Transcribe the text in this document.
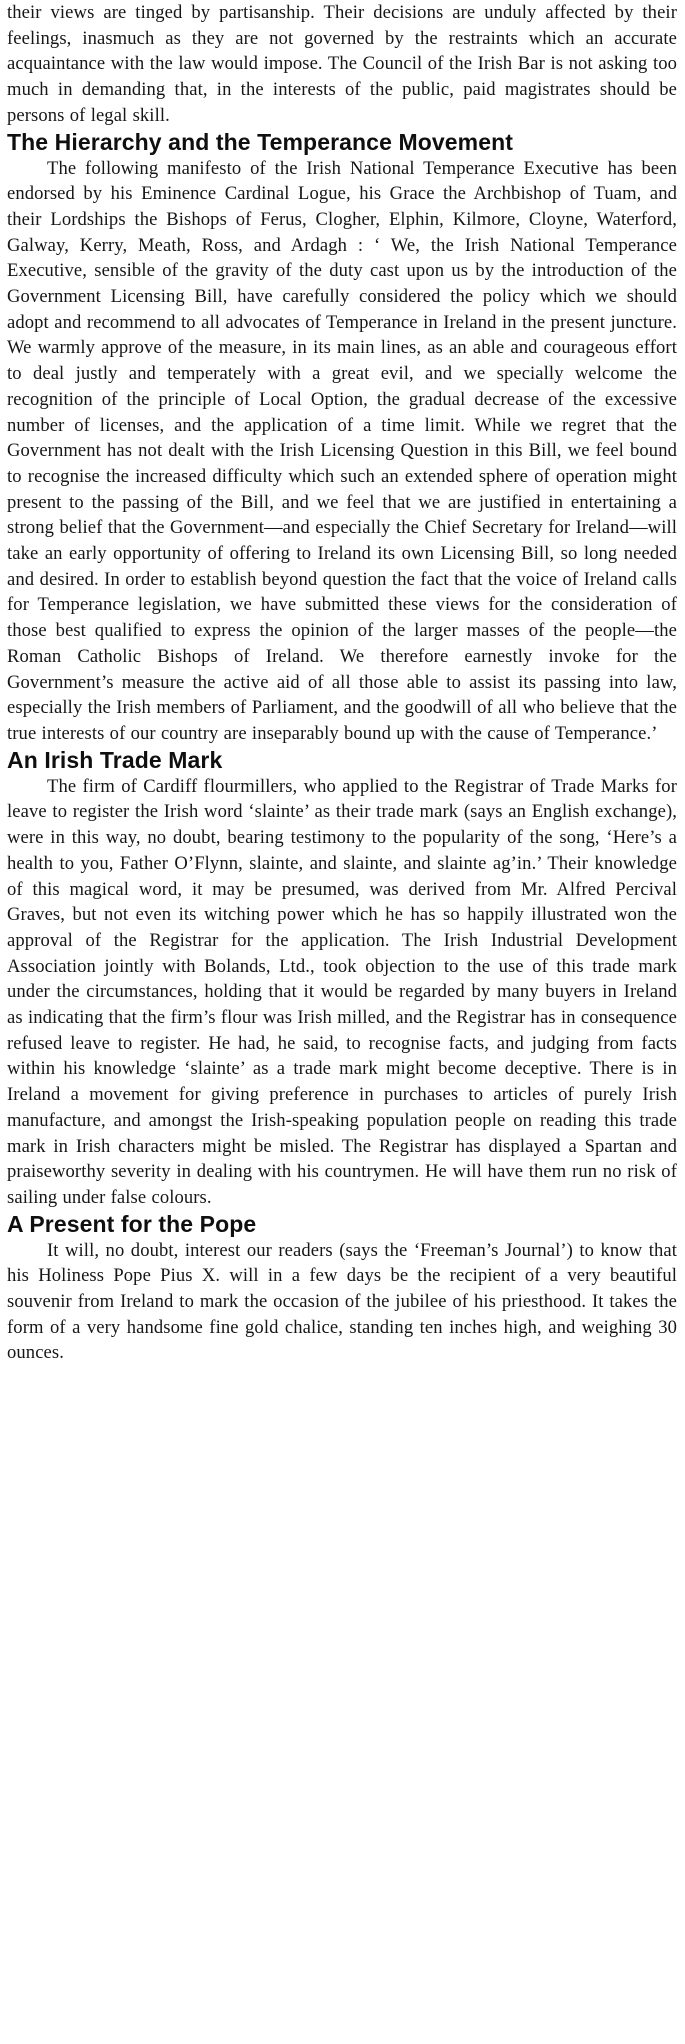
their views are tinged by partisanship. Their decisions are unduly affected by their feelings, inasmuch as they are not governed by the restraints which an accurate acquaintance with the law would impose. The Council of the Irish Bar is not asking too much in demanding that, in the interests of the public, paid magistrates should be persons of legal skill.

The Hierarchy and the Temperance Movement

The following manifesto of the Irish National Temperance Executive has been endorsed by his Eminence Cardinal Logue, his Grace the Archbishop of Tuam, and their Lordships the Bishops of Ferus, Clogher, Elphin, Kilmore, Cloyne, Waterford, Galway, Kerry, Meath, Ross, and Ardagh : ‘ We, the Irish National Temperance Executive, sensible of the gravity of the duty cast upon us by the introduction of the Government Licensing Bill, have carefully considered the policy which we should adopt and recommend to all advocates of Temperance in Ireland in the present juncture. We warmly approve of the measure, in its main lines, as an able and courageous effort to deal justly and temperately with a great evil, and we specially welcome the recognition of the principle of Local Option, the gradual decrease of the excessive number of licenses, and the application of a time limit. While we regret that the Government has not dealt with the Irish Licensing Question in this Bill, we feel bound to recognise the increased difficulty which such an extended sphere of operation might present to the passing of the Bill, and we feel that we are justified in entertaining a strong belief that the Government—and especially the Chief Secretary for Ireland—will take an early opportunity of offering to Ireland its own Licensing Bill, so long needed and desired. In order to establish beyond question the fact that the voice of Ireland calls for Temperance legislation, we have submitted these views for the consideration of those best qualified to express the opinion of the larger masses of the people—the Roman Catholic Bishops of Ireland. We therefore earnestly invoke for the Government’s measure the active aid of all those able to assist its passing into law, especially the Irish members of Parliament, and the goodwill of all who believe that the true interests of our country are inseparably bound up with the cause of Temperance.’

An Irish Trade Mark

The firm of Cardiff flourmillers, who applied to the Registrar of Trade Marks for leave to register the Irish word ‘slainte’ as their trade mark (says an English exchange), were in this way, no doubt, bearing testimony to the popularity of the song, ‘Here’s a health to you, Father O’Flynn, slainte, and slainte, and slainte ag’in.’ Their knowledge of this magical word, it may be presumed, was derived from Mr. Alfred Percival Graves, but not even its witching power which he has so happily illustrated won the approval of the Registrar for the application. The Irish Industrial Development Association jointly with Bolands, Ltd., took objection to the use of this trade mark under the circumstances, holding that it would be regarded by many buyers in Ireland as indicating that the firm’s flour was Irish milled, and the Registrar has in consequence refused leave to register. He had, he said, to recognise facts, and judging from facts within his knowledge ‘slainte’ as a trade mark might become deceptive. There is in Ireland a movement for giving preference in purchases to articles of purely Irish manufacture, and amongst the Irish-speaking population people on reading this trade mark in Irish characters might be misled. The Registrar has displayed a Spartan and praiseworthy severity in dealing with his countrymen. He will have them run no risk of sailing under false colours.

A Present for the Pope

It will, no doubt, interest our readers (says the ‘Freeman’s Journal’) to know that his Holiness Pope Pius X. will in a few days be the recipient of a very beautiful souvenir from Ireland to mark the occasion of the jubilee of his priesthood. It takes the form of a very handsome fine gold chalice, standing ten inches high, and weighing 30 ounces.
